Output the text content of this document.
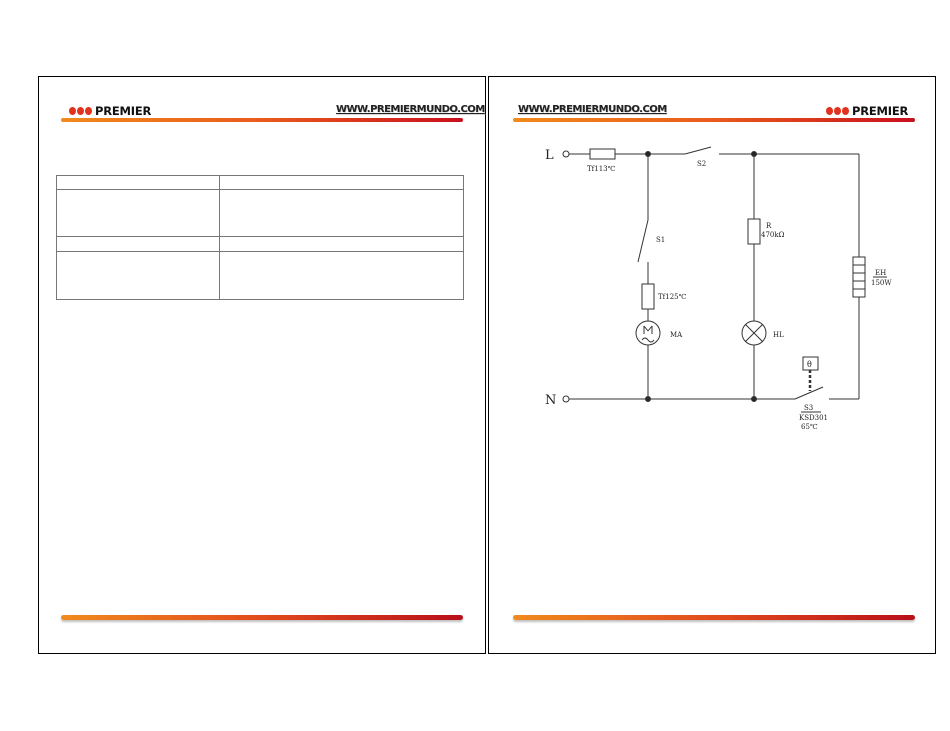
PREMIER	WWW.PREMIERMUNDO.COM

		WWW.PREMIERMUNDO.COM	PREMIER
L
N
Tf113℃
S2
S1
Tf125℃
MA
R
470kΩ
HL
EH
150W
θ
S3
KSD301
65℃
